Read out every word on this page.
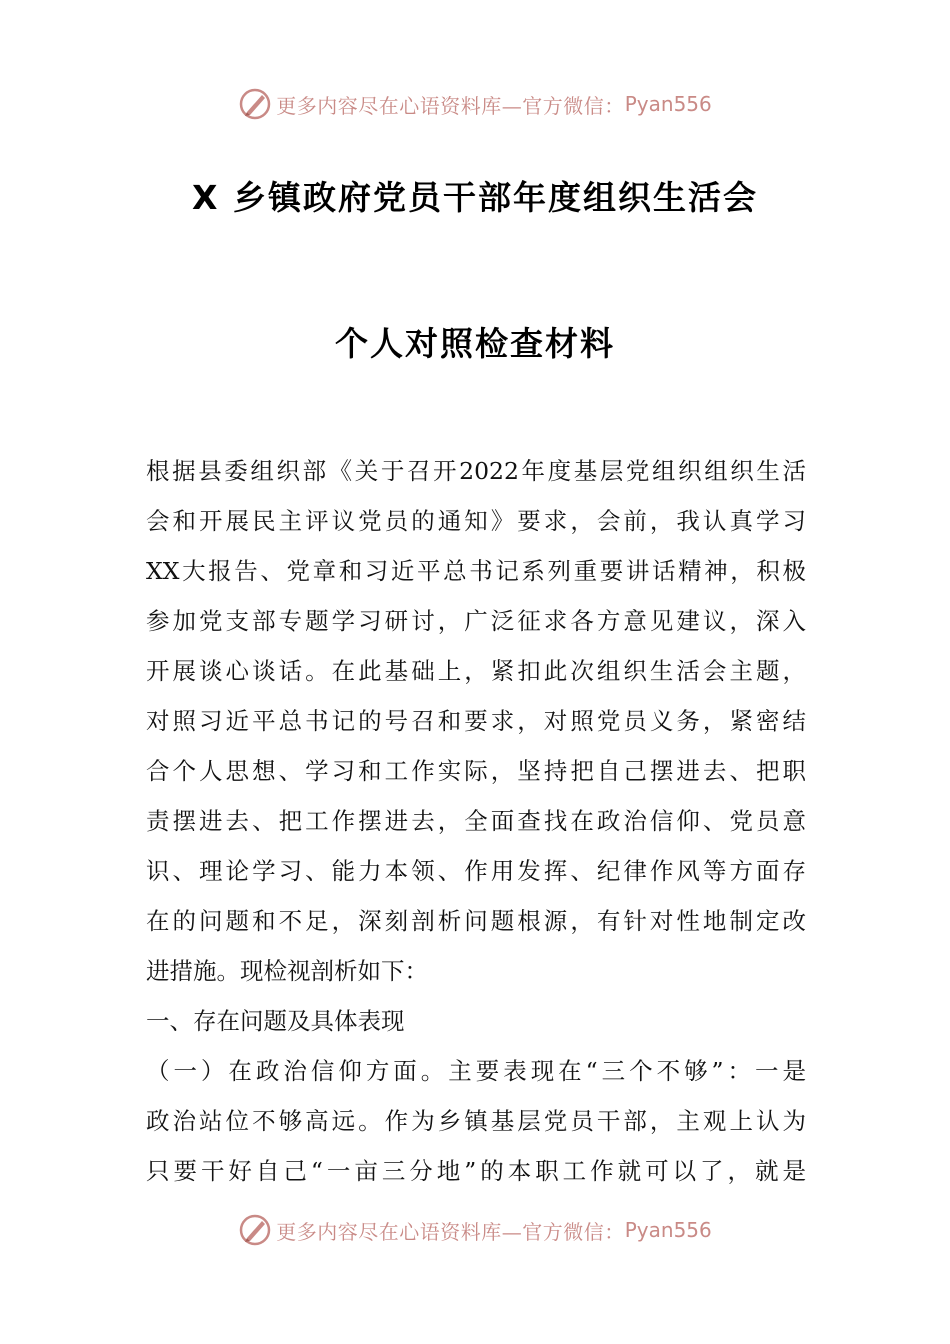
更多内容尽在心语资料库—官方微信： Pyan556
X 乡镇政府党员干部年度组织生活会
个人对照检查材料
根据县委组织部《关于召开2022年度基层党组织组织生活
会和开展民主评议党员的通知》要求，会前，我认真学习
XX大报告、党章和习近平总书记系列重要讲话精神，积极
参加党支部专题学习研讨，广泛征求各方意见建议，深入
开展谈心谈话。在此基础上，紧扣此次组织生活会主题，
对照习近平总书记的号召和要求，对照党员义务，紧密结
合个人思想、学习和工作实际，坚持把自己摆进去、把职
责摆进去、把工作摆进去，全面查找在政治信仰、党员意
识、理论学习、能力本领、作用发挥、纪律作风等方面存
在的问题和不足，深刻剖析问题根源，有针对性地制定改
进措施。现检视剖析如下：
一、存在问题及具体表现
（一）在政治信仰方面。主要表现在“三个不够”：一是
政治站位不够高远。作为乡镇基层党员干部，主观上认为
只要干好自己“一亩三分地”的本职工作就可以了，就是
更多内容尽在心语资料库—官方微信： Pyan556
